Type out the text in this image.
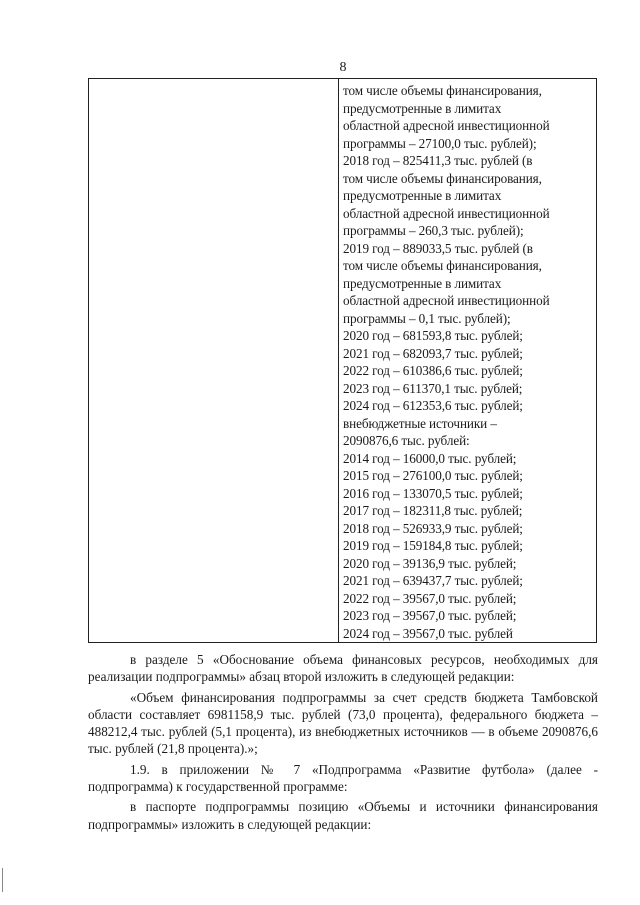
8
том числе объемы финансирования,
предусмотренные в лимитах
областной адресной инвестиционной
программы – 27100,0 тыс. рублей);
2018 год – 825411,3 тыс. рублей (в
том числе объемы финансирования,
предусмотренные в лимитах
областной адресной инвестиционной
программы – 260,3 тыс. рублей);
2019 год – 889033,5 тыс. рублей (в
том числе объемы финансирования,
предусмотренные в лимитах
областной адресной инвестиционной
программы – 0,1 тыс. рублей);
2020 год – 681593,8 тыс. рублей;
2021 год – 682093,7 тыс. рублей;
2022 год – 610386,6 тыс. рублей;
2023 год – 611370,1 тыс. рублей;
2024 год – 612353,6 тыс. рублей;
внебюджетные источники –
2090876,6 тыс. рублей:
2014 год – 16000,0 тыс. рублей;
2015 год – 276100,0 тыс. рублей;
2016 год – 133070,5 тыс. рублей;
2017 год – 182311,8 тыс. рублей;
2018 год – 526933,9 тыс. рублей;
2019 год – 159184,8 тыс. рублей;
2020 год – 39136,9 тыс. рублей;
2021 год – 639437,7 тыс. рублей;
2022 год – 39567,0 тыс. рублей;
2023 год – 39567,0 тыс. рублей;
2024 год – 39567,0 тыс. рублей
в разделе 5 «Обоснование объема финансовых ресурсов, необходимых для реализации подпрограммы» абзац второй изложить в следующей редакции:
«Объем финансирования подпрограммы за счет средств бюджета Тамбовской области составляет 6981158,9 тыс. рублей (73,0 процента), федерального бюджета – 488212,4 тыс. рублей (5,1 процента), из внебюджетных источников — в объеме 2090876,6 тыс. рублей (21,8 процента).»;
1.9. в приложении № 7 «Подпрограмма «Развитие футбола» (далее - подпрограмма) к государственной программе:
в паспорте подпрограммы позицию «Объемы и источники финансирования подпрограммы» изложить в следующей редакции:
